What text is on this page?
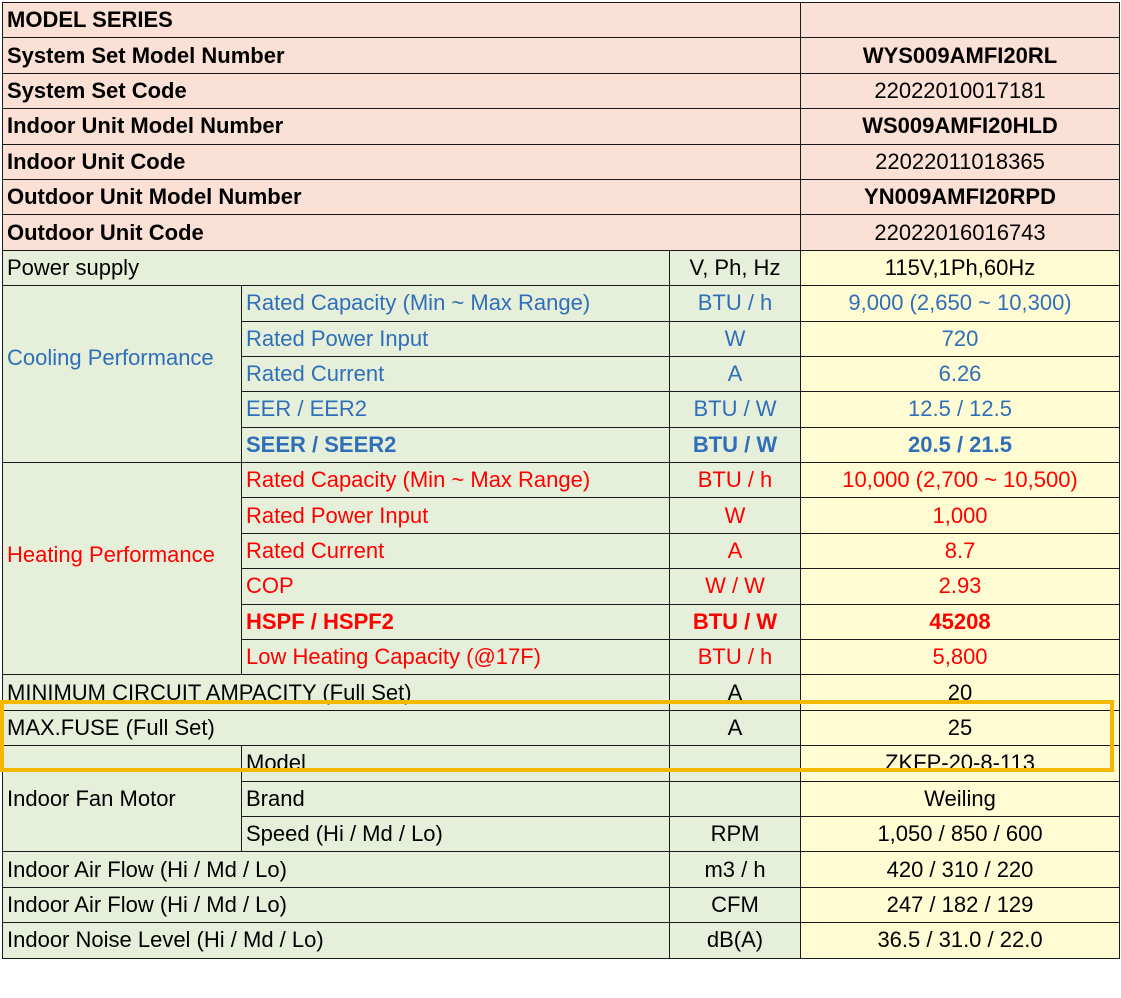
MODEL SERIES			
System Set Model Number			WYS009AMFI20RL
System Set Code			22022010017181
Indoor Unit Model Number			WS009AMFI20HLD
Indoor Unit Code			22022011018365
Outdoor Unit Model Number			YN009AMFI20RPD
Outdoor Unit Code			22022016016743
Power supply		V, Ph, Hz	115V,1Ph,60Hz
Cooling Performance	Rated Capacity (Min ~ Max Range)	BTU / h	9,000 (2,650 ~ 10,300)
	Rated Power Input	W	720
	Rated Current	A	6.26
	EER / EER2	BTU / W	12.5 / 12.5
	SEER / SEER2	BTU / W	20.5 / 21.5
Heating Performance	Rated Capacity (Min ~ Max Range)	BTU / h	10,000 (2,700 ~ 10,500)
	Rated Power Input	W	1,000
	Rated Current	A	8.7
	COP	W / W	2.93
	HSPF / HSPF2	BTU / W	45208
	Low Heating Capacity (@17F)	BTU / h	5,800
MINIMUM CIRCUIT AMPACITY (Full Set)		A	20
MAX.FUSE (Full Set)		A	25
Indoor Fan Motor	Model		ZKFP-20-8-113
	Brand		Weiling
	Speed (Hi / Md / Lo)	RPM	1,050 / 850 / 600
Indoor Air Flow (Hi / Md / Lo)		m3 / h	420 / 310 / 220
Indoor Air Flow (Hi / Md / Lo)		CFM	247 / 182 / 129
Indoor Noise Level (Hi / Md / Lo)		dB(A)	36.5 / 31.0 / 22.0
